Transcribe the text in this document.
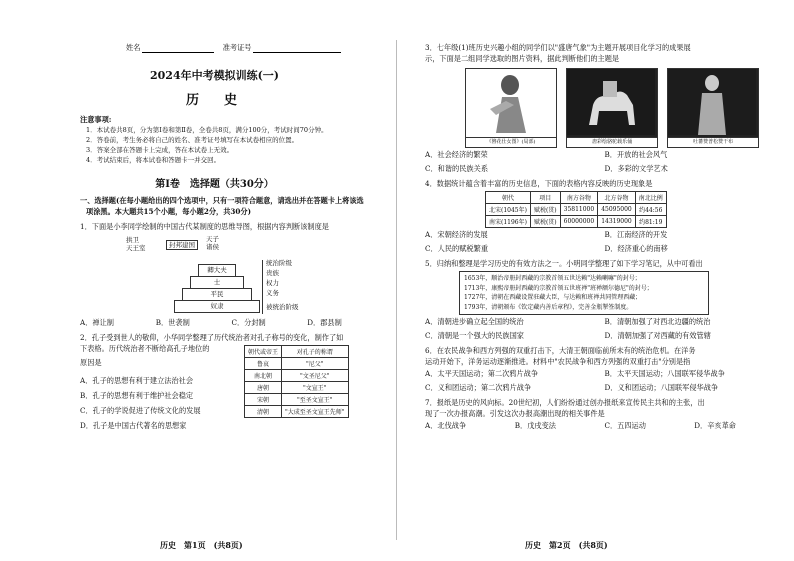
姓名	准考证号
2024年中考模拟训练(一)
历　史
注意事项:
1．本试卷共8页，分为第Ⅰ卷和第Ⅱ卷，全卷共8页，满分100分，考试时间70分钟。
2．答卷前，考生务必将自己的姓名、准考证号填写在本试卷相应的位置。
3．答案全部在答题卡上完成，答在本试卷上无效。
4．考试结束后，将本试卷和答题卡一并交回。
第Ⅰ卷　选择题（共30分）
一、选择题(在每小题给出的四个选项中，只有一项符合题意，请选出并在答题卡上将该选
项涂黑。本大题共15个小题，每小题2分，共30分)
1．下面是小李同学绘制的中国古代某制度的思维导图，根据内容判断该制度是
天子
诸侯
封邦建国
拱卫
天王室
卿大夫
士
平民
奴隶
统治阶级
贵族
权力
义务
被统治阶级
A．禅让制	B．世袭制	C．分封制	D．郡县制
2．孔子受到世人的敬仰，小华同学整理了历代统治者对孔子称号的变化，制作了如
下表格。历代统治者不断给高孔子地位的
原因是
A．孔子的思想有利于建立法治社会
B．孔子的思想有利于维护社会稳定
C．孔子的学说促进了传统文化的发展
D．孔子是中国古代著名的思想家
朝代或帝王	对孔子的称谓
鲁哀	"尼父"
南北朝	"文圣尼父"
唐朝	"文宣王"
宋朝	"至圣文宣王"
清朝	"大成至圣文宣王先师"
历史　第1页　(共8页)
3．七年级(1)班历史兴趣小组的同学们以"盛唐气象"为主题开展项目化学习的成果展
示，下面是二组同学选取的图片资料，据此判断他们的主题是
《簪花仕女图》(局部)
	唐彩绘骆驼载乐俑
	吐蕃赞普松赞干布
A．社会经济的繁荣	B．开放的社会风气
C．和谐的民族关系	D．多彩的文学艺术
4．数据统计蕴含着丰富的历史信息，下面的表格内容反映的历史现象是
朝代	项目	南方谷物	北方谷物	南北比例
北宋(1045年)	赋税(贯)	35811000	45095000	约44:56
南宋(1196年)	赋税(贯)	60000000	14319000	约81:19
A．宋朝经济的发展	B．江南经济的开发
C．人民的赋税繁重	D．经济重心的南移
5．归纳和整理是学习历史的有效方法之一。小明同学整理了如下学习笔记，从中可看出
1653年，顺治帝册封西藏的宗教首领五世达赖"达赖喇嘛"的封号；
1713年，康熙帝册封西藏的宗教首领五世班禅"班禅额尔德尼"的封号；
1727年，清朝在西藏设置驻藏大臣，与达赖和班禅共同管理西藏；
1793年，清朝颁布《钦定藏内善后章程》，完善金瓶掣签制度。
A．清朝进步确立起全国的统治	B．清朝加强了对西北边疆的统治
C．清朝是一个强大的民族国家	D．清朝加强了对西藏的有效管辖
6．在农民战争和西方列强的双重打击下，大清王朝面临前所未有的统治危机。在洋务
运动开始下，洋务运动逐渐推进。材料中"农民战争和西方列强的双重打击"分别是指
A．太平天国运动；第二次鸦片战争	B．太平天国运动；八国联军侵华战争
C．义和团运动；第二次鸦片战争	D．义和团运动；八国联军侵华战争
7．报纸是历史的风向标。20世纪初，人们纷纷通过创办报纸来宣传民主共和的主张，出
现了一次办报高潮。引发这次办报高潮出现的相关事件是
A．北伐战争	B．戊戌变法	C．五四运动	D．辛亥革命
历史　第2页　(共8页)
